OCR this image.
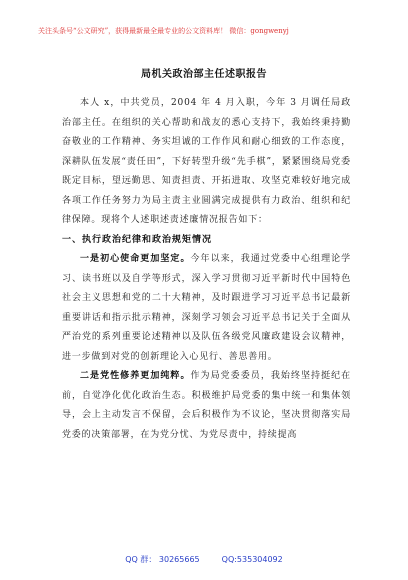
关注头条号“公文研究”，获得最新最全最专业的公文资料库！ 微信：gongwenyj
局机关政治部主任述职报告

本人 x，中共党员，2004 年 4 月入职，今年 3 月调任局政治部主任。在组织的关心帮助和战友的悉心支持下，我始终秉持勤奋敬业的工作精神、务实坦诚的工作作风和耐心细致的工作态度，深耕队伍发展“责任田”，下好转型升级“先手棋”，紧紧围绕局党委既定目标，望远勤思、知责担责、开拓进取、攻坚克难较好地完成各项工作任务努力为局主责主业圆满完成提供有力政治、组织和纪律保障。现将个人述职述责述廉情况报告如下：

一、执行政治纪律和政治规矩情况

一是初心使命更加坚定。今年以来，我通过党委中心组理论学习、读书班以及自学等形式，深入学习贯彻习近平新时代中国特色社会主义思想和党的二十大精神，及时跟进学习习近平总书记最新重要讲话和指示批示精神，深刻学习领会习近平总书记关于全面从严治党的系列重要论述精神以及队伍各级党风廉政建设会议精神，进一步做到对党的创新理论入心见行、善思善用。

二是党性修养更加纯粹。作为局党委委员，我始终坚持挺纪在前，自觉净化优化政治生态。积极维护局党委的集中统一和集体领导，会上主动发言不保留，会后积极作为不议论，坚决贯彻落实局党委的决策部署，在为党分忧、为党尽责中，持续提高

QQ 群： 30265665	QQ:535304092
